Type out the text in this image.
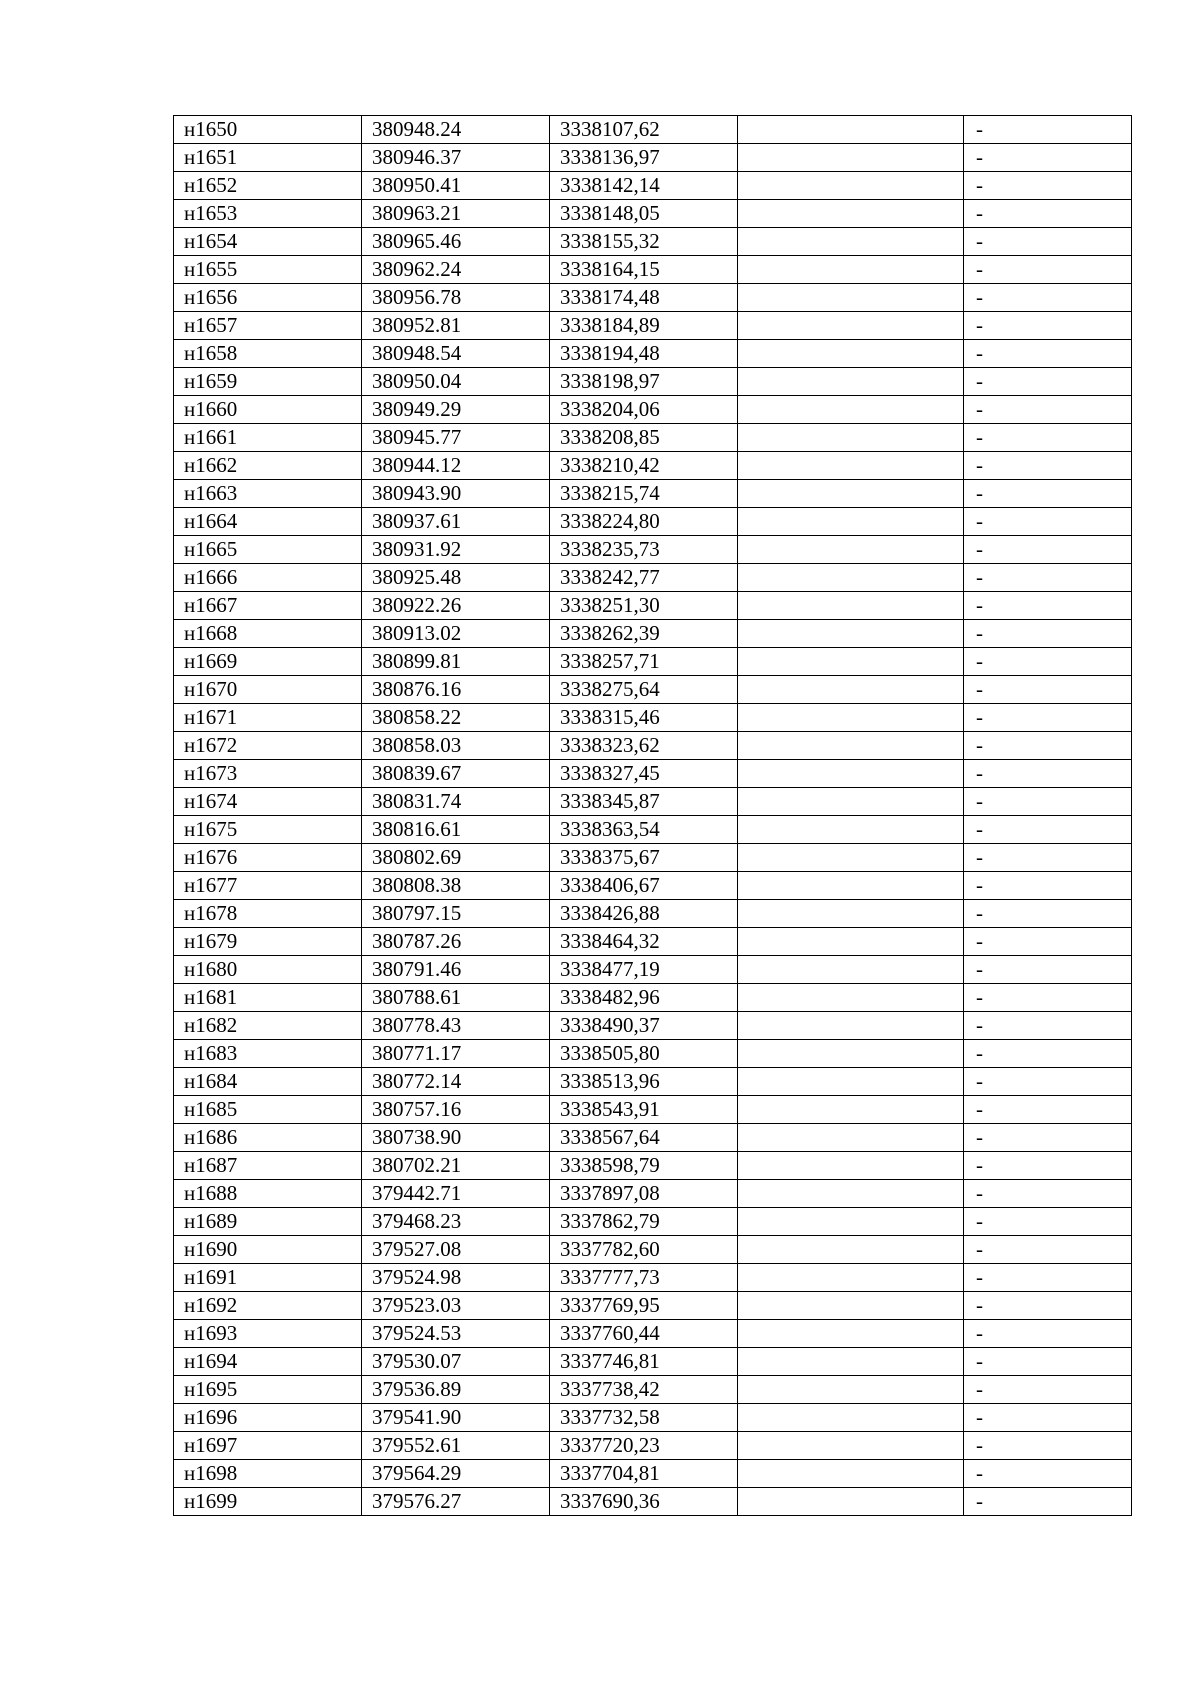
н1650	380948.24	3338107,62		-
н1651	380946.37	3338136,97		-
н1652	380950.41	3338142,14		-
н1653	380963.21	3338148,05		-
н1654	380965.46	3338155,32		-
н1655	380962.24	3338164,15		-
н1656	380956.78	3338174,48		-
н1657	380952.81	3338184,89		-
н1658	380948.54	3338194,48		-
н1659	380950.04	3338198,97		-
н1660	380949.29	3338204,06		-
н1661	380945.77	3338208,85		-
н1662	380944.12	3338210,42		-
н1663	380943.90	3338215,74		-
н1664	380937.61	3338224,80		-
н1665	380931.92	3338235,73		-
н1666	380925.48	3338242,77		-
н1667	380922.26	3338251,30		-
н1668	380913.02	3338262,39		-
н1669	380899.81	3338257,71		-
н1670	380876.16	3338275,64		-
н1671	380858.22	3338315,46		-
н1672	380858.03	3338323,62		-
н1673	380839.67	3338327,45		-
н1674	380831.74	3338345,87		-
н1675	380816.61	3338363,54		-
н1676	380802.69	3338375,67		-
н1677	380808.38	3338406,67		-
н1678	380797.15	3338426,88		-
н1679	380787.26	3338464,32		-
н1680	380791.46	3338477,19		-
н1681	380788.61	3338482,96		-
н1682	380778.43	3338490,37		-
н1683	380771.17	3338505,80		-
н1684	380772.14	3338513,96		-
н1685	380757.16	3338543,91		-
н1686	380738.90	3338567,64		-
н1687	380702.21	3338598,79		-
н1688	379442.71	3337897,08		-
н1689	379468.23	3337862,79		-
н1690	379527.08	3337782,60		-
н1691	379524.98	3337777,73		-
н1692	379523.03	3337769,95		-
н1693	379524.53	3337760,44		-
н1694	379530.07	3337746,81		-
н1695	379536.89	3337738,42		-
н1696	379541.90	3337732,58		-
н1697	379552.61	3337720,23		-
н1698	379564.29	3337704,81		-
н1699	379576.27	3337690,36		-
